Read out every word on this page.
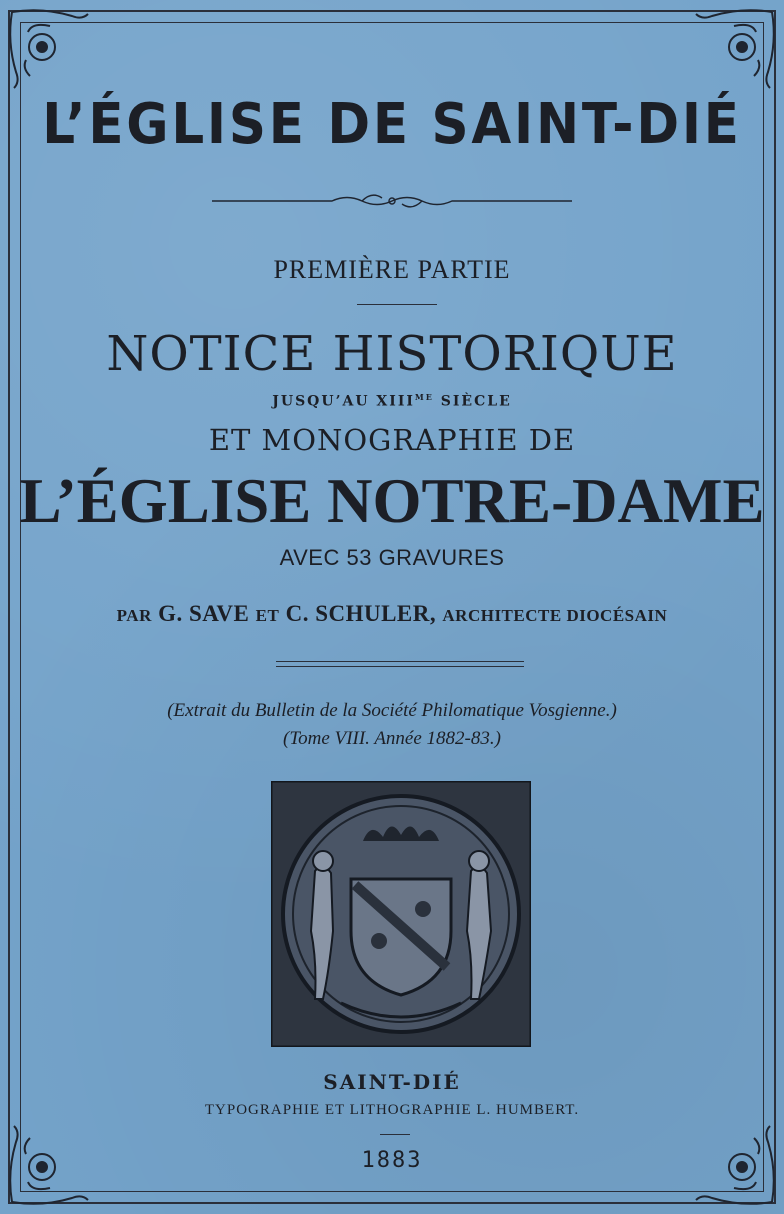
L’ÉGLISE DE SAINT-DIÉ
PREMIÈRE PARTIE
NOTICE HISTORIQUE
JUSQU’AU $XIII^{ME}$ SIÈCLE
ET MONOGRAPHIE DE
L’ÉGLISE NOTRE-DAME
AVEC 53 GRAVURES
PAR G. SAVE ET C. SCHULER, ARCHITECTE DIOCÉSAIN
(Extrait du Bulletin de la Société Philomatique Vosgienne.)
(Tome VIII. Année 1882-83.)
SAINT-DIÉ
TYPOGRAPHIE ET LITHOGRAPHIE L. HUMBERT.
1883
